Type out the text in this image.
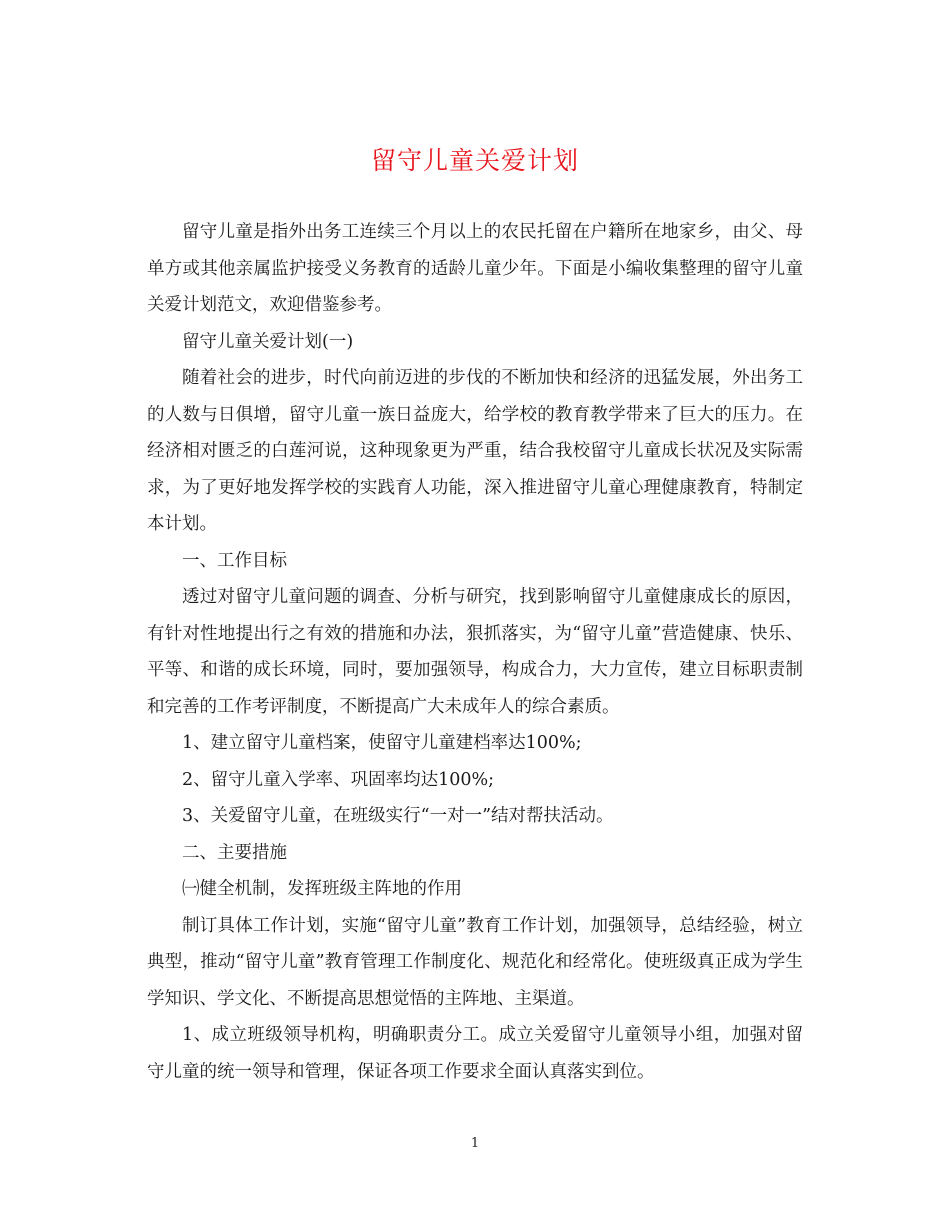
留守儿童关爱计划

留守儿童是指外出务工连续三个月以上的农民托留在户籍所在地家乡，由父、母单方或其他亲属监护接受义务教育的适龄儿童少年。下面是小编收集整理的留守儿童关爱计划范文，欢迎借鉴参考。

留守儿童关爱计划(一)

随着社会的进步，时代向前迈进的步伐的不断加快和经济的迅猛发展，外出务工的人数与日俱增，留守儿童一族日益庞大，给学校的教育教学带来了巨大的压力。在经济相对匮乏的白莲河说，这种现象更为严重，结合我校留守儿童成长状况及实际需求，为了更好地发挥学校的实践育人功能，深入推进留守儿童心理健康教育，特制定本计划。

一、工作目标

透过对留守儿童问题的调查、分析与研究，找到影响留守儿童健康成长的原因，有针对性地提出行之有效的措施和办法，狠抓落实，为“留守儿童”营造健康、快乐、平等、和谐的成长环境，同时，要加强领导，构成合力，大力宣传，建立目标职责制和完善的工作考评制度，不断提高广大未成年人的综合素质。

1、建立留守儿童档案，使留守儿童建档率达100%;

2、留守儿童入学率、巩固率均达100%;

3、关爱留守儿童，在班级实行“一对一”结对帮扶活动。

二、主要措施

㈠健全机制，发挥班级主阵地的作用

制订具体工作计划，实施“留守儿童”教育工作计划，加强领导，总结经验，树立典型，推动“留守儿童”教育管理工作制度化、规范化和经常化。使班级真正成为学生学知识、学文化、不断提高思想觉悟的主阵地、主渠道。

1、成立班级领导机构，明确职责分工。成立关爱留守儿童领导小组，加强对留守儿童的统一领导和管理，保证各项工作要求全面认真落实到位。

1
